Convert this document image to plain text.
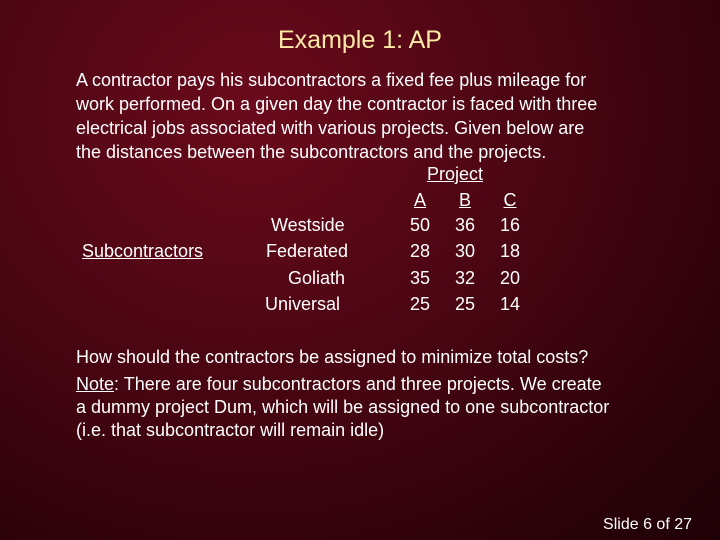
Example 1: AP
A contractor pays his subcontractors a fixed fee plus mileage for
work performed. On a given day the contractor is faced with three
electrical jobs associated with various projects. Given below are
the distances between the subcontractors and the projects.
Project
A	B	C
Subcontractors
Westside	50	36	16
Federated	28	30	18
Goliath	35	32	20
Universal	25	25	14
How should the contractors be assigned to minimize total costs?
Note: There are four subcontractors and three projects. We create
a dummy project Dum, which will be assigned to one subcontractor
(i.e. that subcontractor will remain idle)
Slide 6 of 27
